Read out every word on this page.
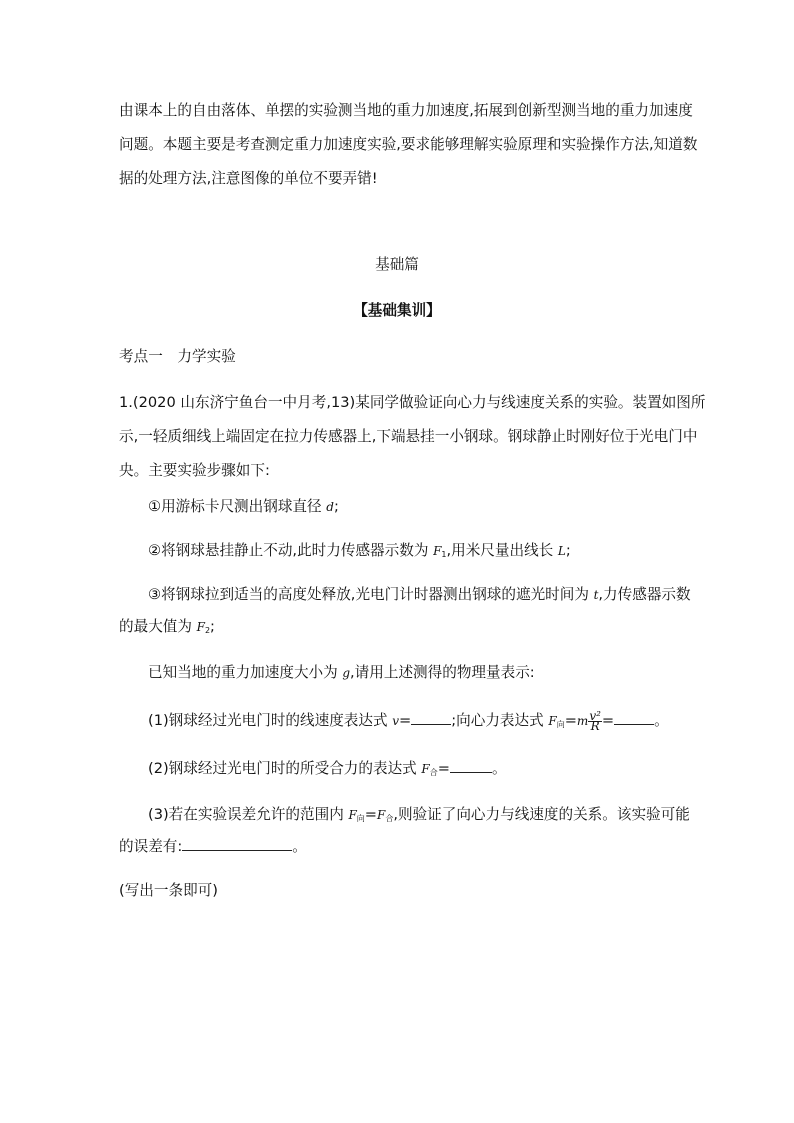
由课本上的自由落体、单摆的实验测当地的重力加速度,拓展到创新型测当地的重力加速度
问题。本题主要是考查测定重力加速度实验,要求能够理解实验原理和实验操作方法,知道数
据的处理方法,注意图像的单位不要弄错!
基础篇
【基础集训】
考点一　力学实验
1.(2020 山东济宁鱼台一中月考,13)某同学做验证向心力与线速度关系的实验。装置如图所
示,一轻质细线上端固定在拉力传感器上,下端悬挂一小钢球。钢球静止时刚好位于光电门中
央。主要实验步骤如下:
①用游标卡尺测出钢球直径 d;
②将钢球悬挂静止不动,此时力传感器示数为 $F_1$,用米尺量出线长 L;
③将钢球拉到适当的高度处释放,光电门计时器测出钢球的遮光时间为 t,力传感器示数
的最大值为 $F_2$;
已知当地的重力加速度大小为 g,请用上述测得的物理量表示:
(1)钢球经过光电门时的线速度表达式 v=	;向心力表达式 $F_向=m \frac{\text{v²}}{R}$ =	。
(2)钢球经过光电门时的所受合力的表达式 $F_合=$	。
(3)若在实验误差允许的范围内 $F_向=F_合$,则验证了向心力与线速度的关系。该实验可能
的误差有:	。
(写出一条即可)
